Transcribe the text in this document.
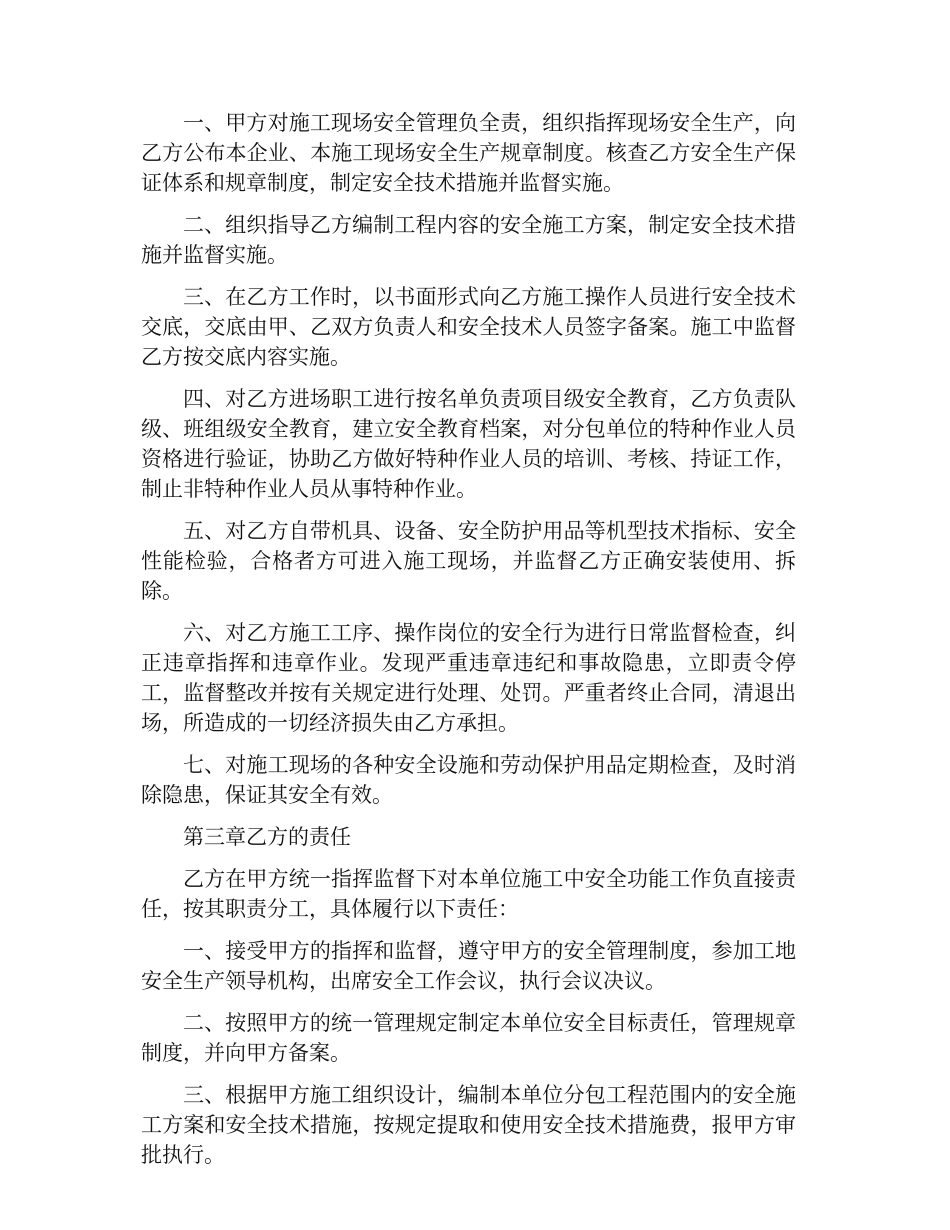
一、甲方对施工现场安全管理负全责，组织指挥现场安全生产，向乙方公布本企业、本施工现场安全生产规章制度。核查乙方安全生产保证体系和规章制度，制定安全技术措施并监督实施。

二、组织指导乙方编制工程内容的安全施工方案，制定安全技术措施并监督实施。

三、在乙方工作时，以书面形式向乙方施工操作人员进行安全技术交底，交底由甲、乙双方负责人和安全技术人员签字备案。施工中监督乙方按交底内容实施。

四、对乙方进场职工进行按名单负责项目级安全教育，乙方负责队级、班组级安全教育，建立安全教育档案，对分包单位的特种作业人员资格进行验证，协助乙方做好特种作业人员的培训、考核、持证工作，制止非特种作业人员从事特种作业。

五、对乙方自带机具、设备、安全防护用品等机型技术指标、安全性能检验，合格者方可进入施工现场，并监督乙方正确安装使用、拆除。

六、对乙方施工工序、操作岗位的安全行为进行日常监督检查，纠正违章指挥和违章作业。发现严重违章违纪和事故隐患，立即责令停工，监督整改并按有关规定进行处理、处罚。严重者终止合同，清退出场，所造成的一切经济损失由乙方承担。

七、对施工现场的各种安全设施和劳动保护用品定期检查，及时消除隐患，保证其安全有效。

第三章乙方的责任

乙方在甲方统一指挥监督下对本单位施工中安全功能工作负直接责任，按其职责分工，具体履行以下责任：

一、接受甲方的指挥和监督，遵守甲方的安全管理制度，参加工地安全生产领导机构，出席安全工作会议，执行会议决议。

二、按照甲方的统一管理规定制定本单位安全目标责任，管理规章制度，并向甲方备案。

三、根据甲方施工组织设计，编制本单位分包工程范围内的安全施工方案和安全技术措施，按规定提取和使用安全技术措施费，报甲方审批执行。
